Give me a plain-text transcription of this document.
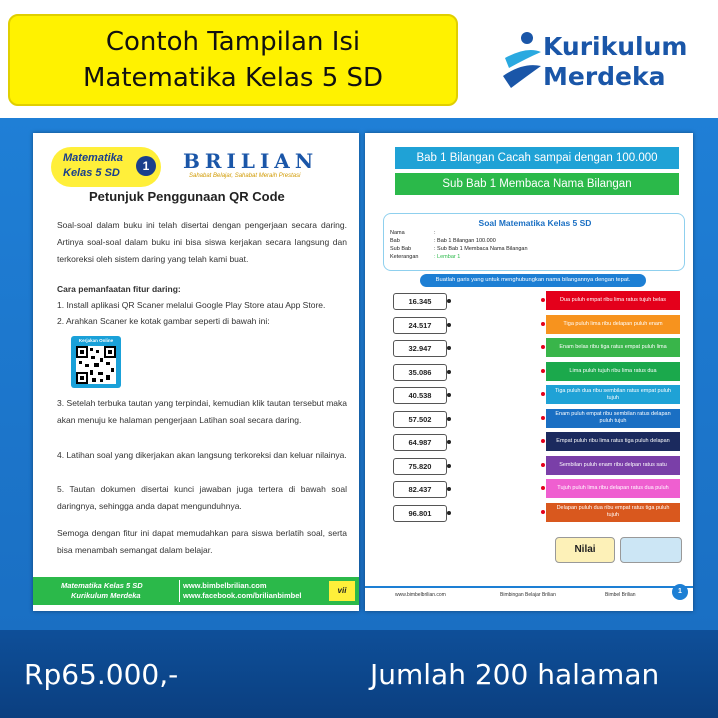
Contoh Tampilan Isi
Matematika Kelas 5 SD
Kurikulum
Merdeka
Matematika
Kelas 5 SD	1	BRILIAN
Sahabat Belajar, Sahabat Meraih Prestasi
Petunjuk Penggunaan QR Code
Soal-soal dalam buku ini telah disertai dengan pengerjaan secara daring. Artinya soal-soal dalam buku ini bisa siswa kerjakan secara langsung dan terkoreksi oleh sistem daring yang telah kami buat.
Cara pemanfaatan fitur daring:
1. Install aplikasi QR Scaner melalui Google Play Store atau App Store.
2. Arahkan Scaner ke kotak gambar seperti di bawah ini:
Kerjakan Online
3. Setelah terbuka tautan yang terpindai, kemudian klik tautan tersebut maka akan menuju ke halaman pengerjaan Latihan soal secara daring.
4. Latihan soal yang dikerjakan akan langsung terkoreksi dan keluar nilainya.
5. Tautan dokumen disertai kunci jawaban juga tertera di bawah soal daringnya, sehingga anda dapat mengunduhnya.
Semoga dengan fitur ini dapat memudahkan para siswa berlatih soal, serta bisa menambah semangat dalam belajar.
Matematika Kelas 5 SD
Kurikulum Merdeka
www.bimbelbrilian.com
www.facebook.com/brilianbimbel
vii
Bab 1 Bilangan Cacah sampai dengan 100.000
Sub Bab 1 Membaca Nama Bilangan
Soal Matematika Kelas 5 SD
Nama	:
Bab	: Bab 1 Bilangan 100.000
Sub Bab	: Sub Bab 1 Membaca Nama Bilangan
Keterangan	: Lembar 1
Buatlah garis yang untuk menghubungkan nama bilangannya dengan tepat.
16.345
24.517
32.947
35.086
40.538
57.502
64.987
75.820
82.437
96.801
Dua puluh empat ribu lima ratus tujuh belas
Tiga puluh lima ribu delapan puluh enam
Enam belas ribu tiga ratus empat puluh lima
Lima puluh tujuh ribu lima ratus dua
Tiga puluh dua ribu sembilan ratus empat puluh tujuh
Enam puluh empat ribu sembilan ratus delapan puluh tujuh
Empat puluh ribu lima ratus tiga puluh delapan
Sembilan puluh enam ribu delpan ratus satu
Tujuh puluh lima ribu delapan ratus dua puluh
Delapan puluh dua ribu empat ratus tiga puluh tujuh
Nilai
www.bimbelbrilian.com	Bimbingan Belajar Brilian	Bimbel Brilian	1
Rp65.000,-	Jumlah 200 halaman
